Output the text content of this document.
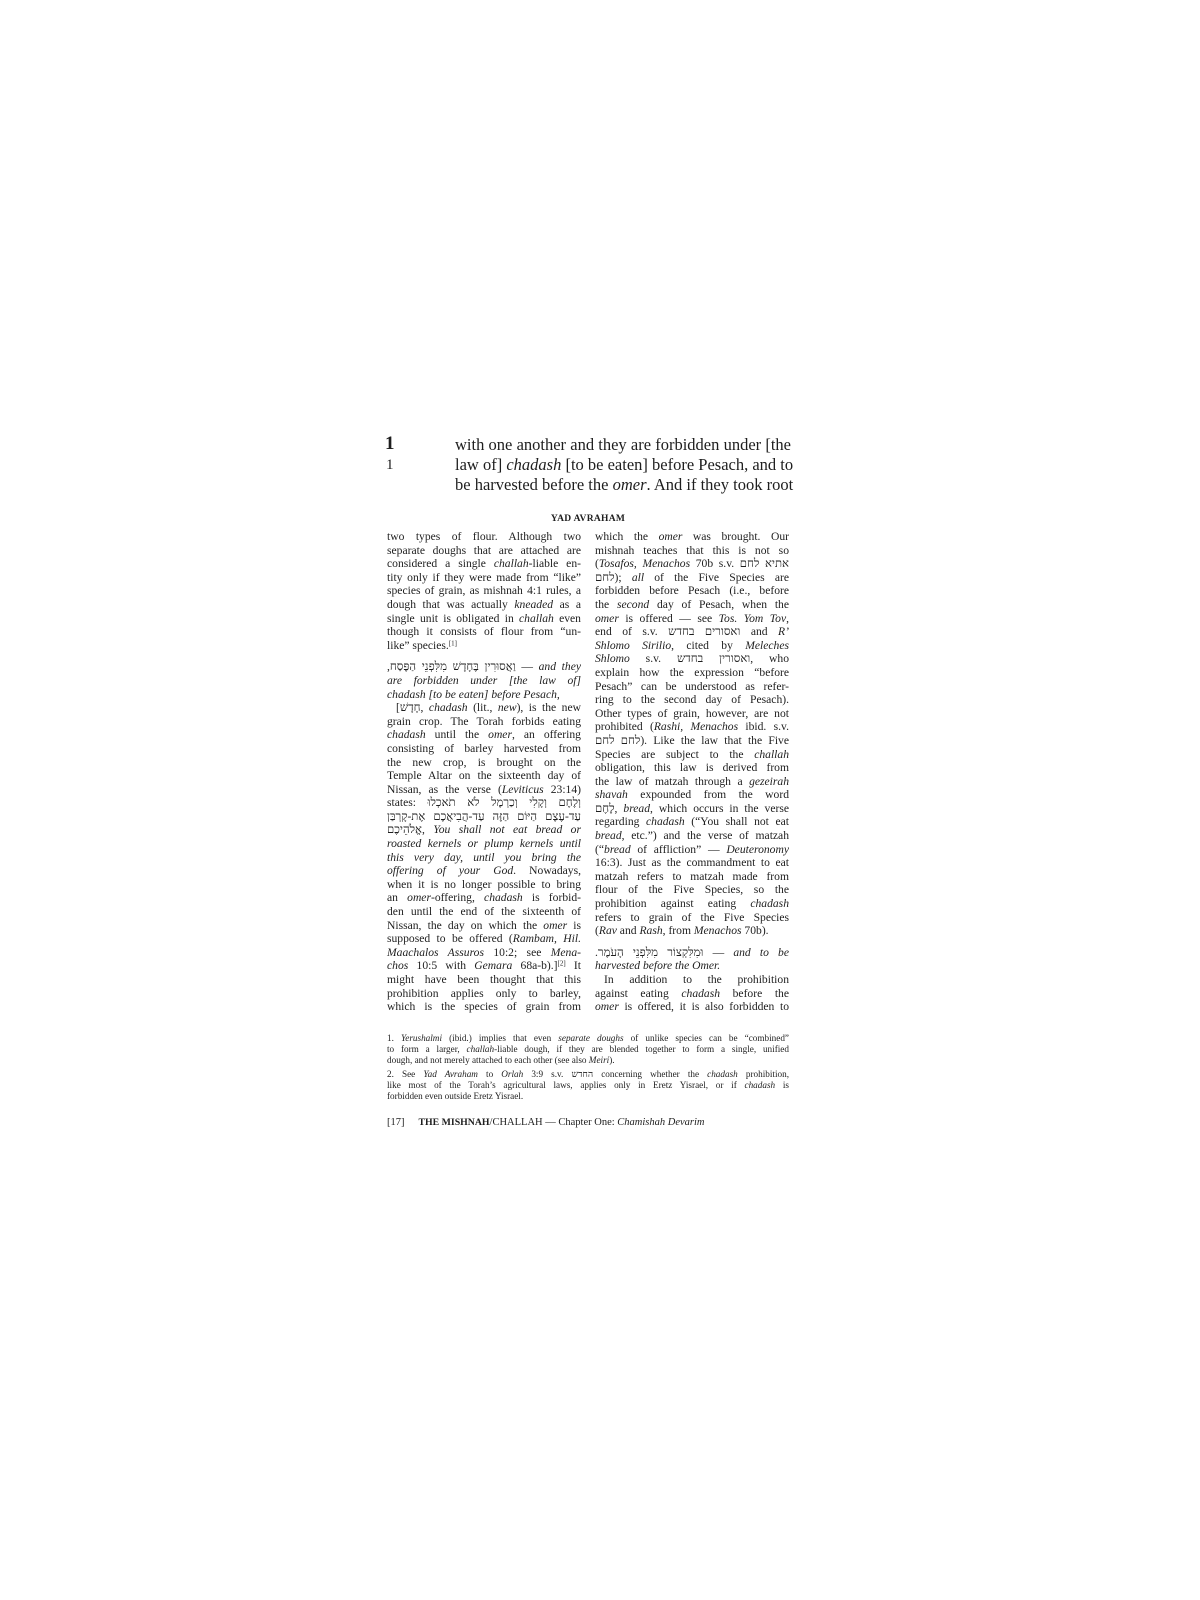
1
1
with one another and they are forbidden under [the
law of] chadash [to be eaten] before Pesach, and to
be harvested before the omer. And if they took root
YAD AVRAHAM
two types of flour. Although two
separate doughs that are attached are
considered a single challah-liable en-
tity only if they were made from “like”
species of grain, as mishnah 4:1 rules, a
dough that was actually kneaded as a
single unit is obligated in challah even
though it consists of flour from “un-
like” species.[1]
וַאֲסוּרִין בֶּחָדָשׁ מִלִּפְנֵי הַפֶּסַח, — and they
are forbidden under [the law of]
chadash [to be eaten] before Pesach,
[חָדָשׁ, chadash (lit., new), is the new
grain crop. The Torah forbids eating
chadash until the omer, an offering
consisting of barley harvested from
the new crop, is brought on the
Temple Altar on the sixteenth day of
Nissan, as the verse (Leviticus 23:14)
states: וְלֶחֶם וְקָלִי וְכַרְמֶל לֹא תֹאכְלוּ
עַד-עֶצֶם הַיּוֹם הַזֶּה עַד-הֲבִיאֲכֶם אֶת-קָרְבַּן
אֱלֹהֵיכֶם, You shall not eat bread or
roasted kernels or plump kernels until
this very day, until you bring the
offering of your God. Nowadays,
when it is no longer possible to bring
an omer-offering, chadash is forbid-
den until the end of the sixteenth of
Nissan, the day on which the omer is
supposed to be offered (Rambam, Hil.
Maachalos Assuros 10:2; see Mena-
chos 10:5 with Gemara 68a-b).][2] It
might have been thought that this
prohibition applies only to barley,
which is the species of grain from
which the omer was brought. Our
mishnah teaches that this is not so
(Tosafos, Menachos 70b s.v. אתיא לחם
לחם); all of the Five Species are
forbidden before Pesach (i.e., before
the second day of Pesach, when the
omer is offered — see Tos. Yom Tov,
end of s.v. ואסורים בחדש and R’
Shlomo Sirilio, cited by Meleches
Shlomo s.v. ואסורין בחדש, who
explain how the expression “before
Pesach” can be understood as refer-
ring to the second day of Pesach).
Other types of grain, however, are not
prohibited (Rashi, Menachos ibid. s.v.
לחם לחם). Like the law that the Five
Species are subject to the challah
obligation, this law is derived from
the law of matzah through a gezeirah
shavah expounded from the word
לֶחֶם, bread, which occurs in the verse
regarding chadash (“You shall not eat
bread, etc.”) and the verse of matzah
(“bread of affliction” — Deuteronomy
16:3). Just as the commandment to eat
matzah refers to matzah made from
flour of the Five Species, so the
prohibition against eating chadash
refers to grain of the Five Species
(Rav and Rash, from Menachos 70b).
וּמִלִּקְצוֹר מִלִּפְנֵי הָעֹמֶר. — and to be
harvested before the Omer.
In addition to the prohibition
against eating chadash before the
omer is offered, it is also forbidden to
1. Yerushalmi (ibid.) implies that even separate doughs of unlike species can be “combined”
to form a larger, challah-liable dough, if they are blended together to form a single, unified
dough, and not merely attached to each other (see also Meiri).
2. See Yad Avraham to Orlah 3:9 s.v. החדש concerning whether the chadash prohibition,
like most of the Torah’s agricultural laws, applies only in Eretz Yisrael, or if chadash is
forbidden even outside Eretz Yisrael.
[17] THE MISHNAH/CHALLAH — Chapter One: Chamishah Devarim
